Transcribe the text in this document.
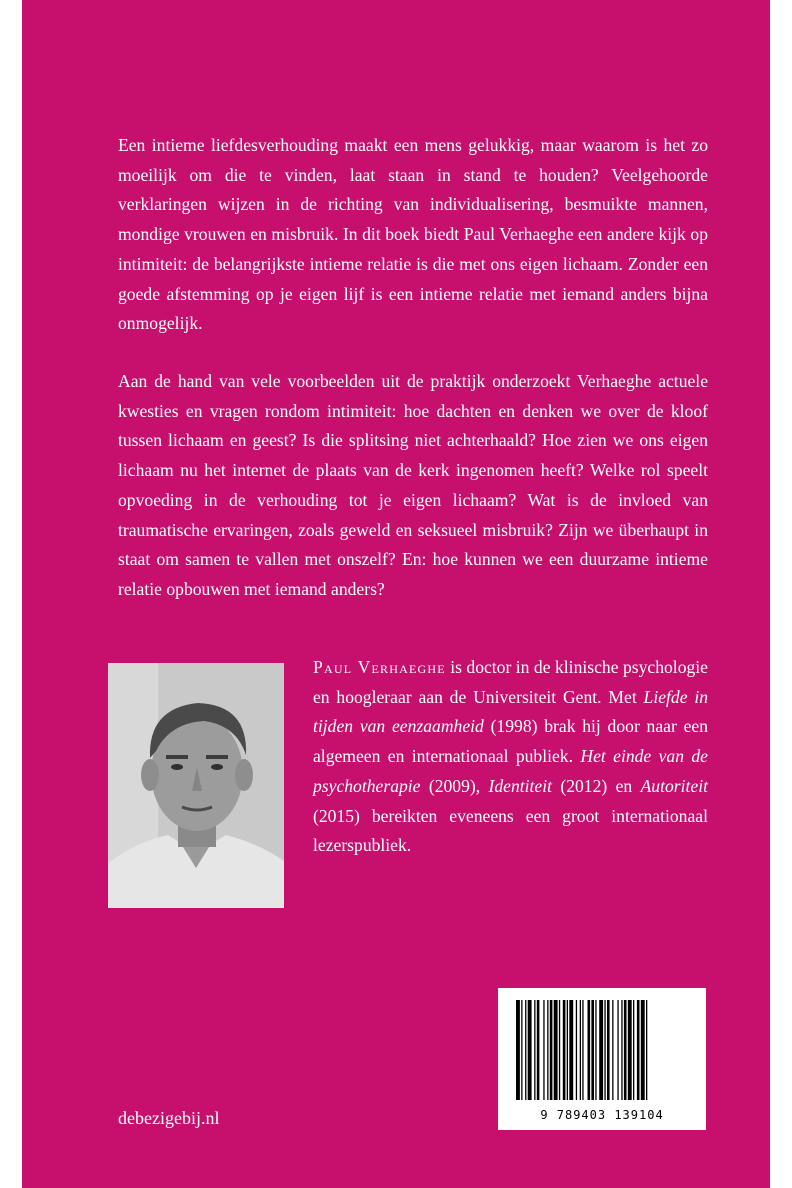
Een intieme liefdesverhouding maakt een mens gelukkig, maar waarom is het zo moeilijk om die te vinden, laat staan in stand te houden? Veelgehoorde verklaringen wijzen in de richting van individualisering, besmuikte mannen, mondige vrouwen en misbruik. In dit boek biedt Paul Verhaeghe een andere kijk op intimiteit: de belangrijkste intieme relatie is die met ons eigen lichaam. Zonder een goede afstemming op je eigen lijf is een intieme relatie met iemand anders bijna onmogelijk.

Aan de hand van vele voorbeelden uit de praktijk onderzoekt Verhaeghe actuele kwesties en vragen rondom intimiteit: hoe dachten en denken we over de kloof tussen lichaam en geest? Is die splitsing niet achterhaald? Hoe zien we ons eigen lichaam nu het internet de plaats van de kerk ingenomen heeft? Welke rol speelt opvoeding in de verhouding tot je eigen lichaam? Wat is de invloed van traumatische ervaringen, zoals geweld en seksueel misbruik? Zijn we überhaupt in staat om samen te vallen met onszelf? En: hoe kunnen we een duurzame intieme relatie opbouwen met iemand anders?

Paul Verhaeghe is doctor in de klinische psychologie en hoogleraar aan de Universiteit Gent. Met Liefde in tijden van eenzaamheid (1998) brak hij door naar een algemeen en internationaal publiek. Het einde van de psychotherapie (2009), Identiteit (2012) en Autoriteit (2015) bereikten eveneens een groot internationaal lezerspubliek.

9 789403 139104
debezigebij.nl
